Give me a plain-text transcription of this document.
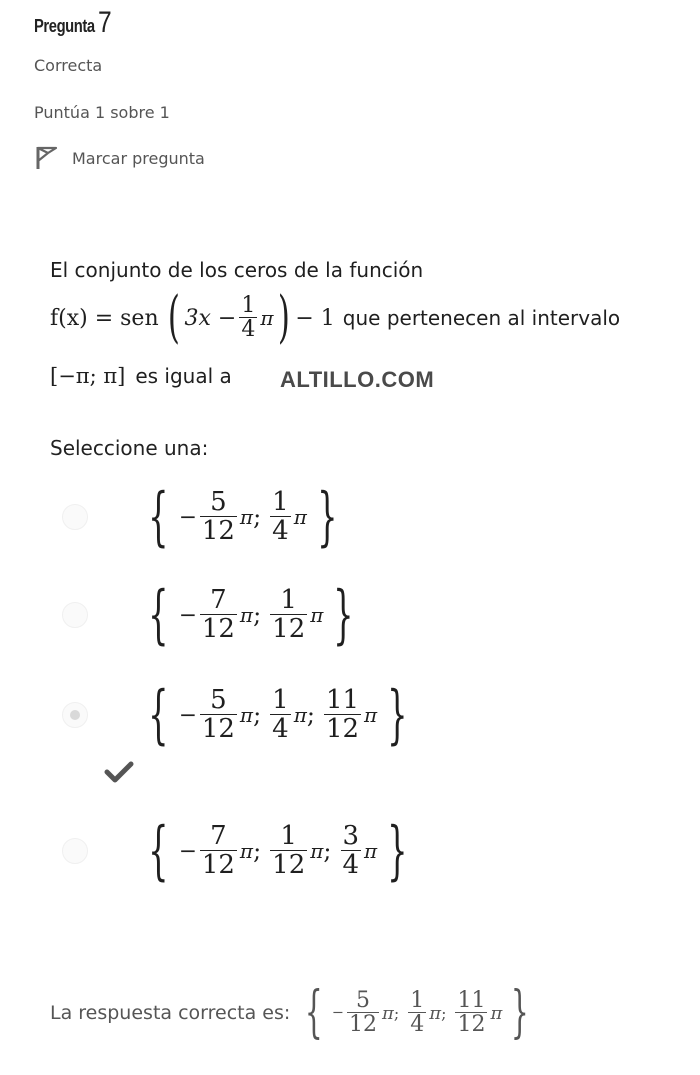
Pregunta 7
Correcta
Puntúa 1 sobre 1
Marcar pregunta
El conjunto de los ceros de la función
f(x) = sen ( $3x - \frac{1}{4}$ π ) − 1 que pertenecen al intervalo
[−π; π] es igual a ALTILLO.COM
Seleccione una:
{ − $\frac{5}{12}$ π ; $\frac{1}{4}$ π }
{ − $\frac{7}{12}$ π ; $\frac{1}{12}$ π }
{ − $\frac{5}{12}$ π ; $\frac{1}{4}$ π ; $\frac{11}{12}$ π }
{ − $\frac{7}{12}$ π ; $\frac{1}{12}$ π ; $\frac{3}{4}$ π }
La respuesta correcta es: { − $\frac{5}{12}$ π ; $\frac{1}{4}$ π ; $\frac{11}{12}$ π }
